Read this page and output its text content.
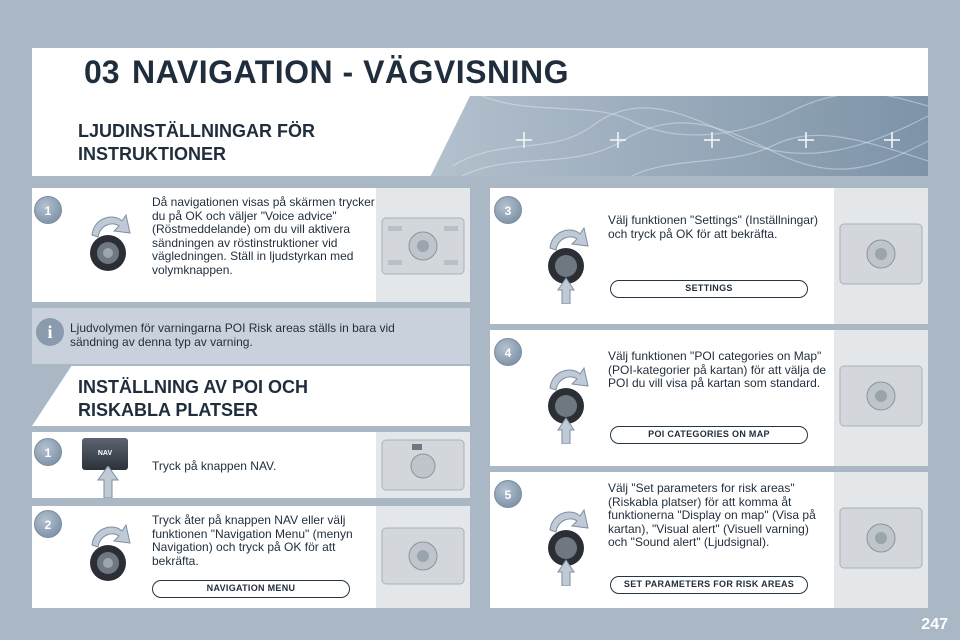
03 NAVIGATION - VÄGVISNING
LJUDINSTÄLLNINGAR FÖR INSTRUKTIONER
Då navigationen visas på skärmen trycker du på OK och väljer "Voice advice" (Röstmeddelande) om du vill aktivera sändningen av röstinstruktioner vid vägledningen. Ställ in ljudstyrkan med volymknappen.
1
i	Ljudvolymen för varningarna POI Risk areas ställs in bara vid sändning av denna typ av varning.
INSTÄLLNING AV POI OCH RISKABLA PLATSER
Tryck på knappen NAV.
1	NAV
Tryck åter på knappen NAV eller välj funktionen "Navigation Menu" (menyn Navigation) och tryck på OK för att bekräfta.
NAVIGATION MENU
2
Välj funktionen "Settings" (Inställningar) och tryck på OK för att bekräfta.
SETTINGS
3
Välj funktionen "POI categories on Map" (POI-kategorier på kartan) för att välja de POI du vill visa på kartan som standard.
POI CATEGORIES ON MAP
4
Välj "Set parameters for risk areas" (Riskabla platser) för att komma åt funktionerna "Display on map" (Visa på kartan), "Visual alert" (Visuell varning) och "Sound alert" (Ljudsignal).
SET PARAMETERS FOR RISK AREAS
5
247
